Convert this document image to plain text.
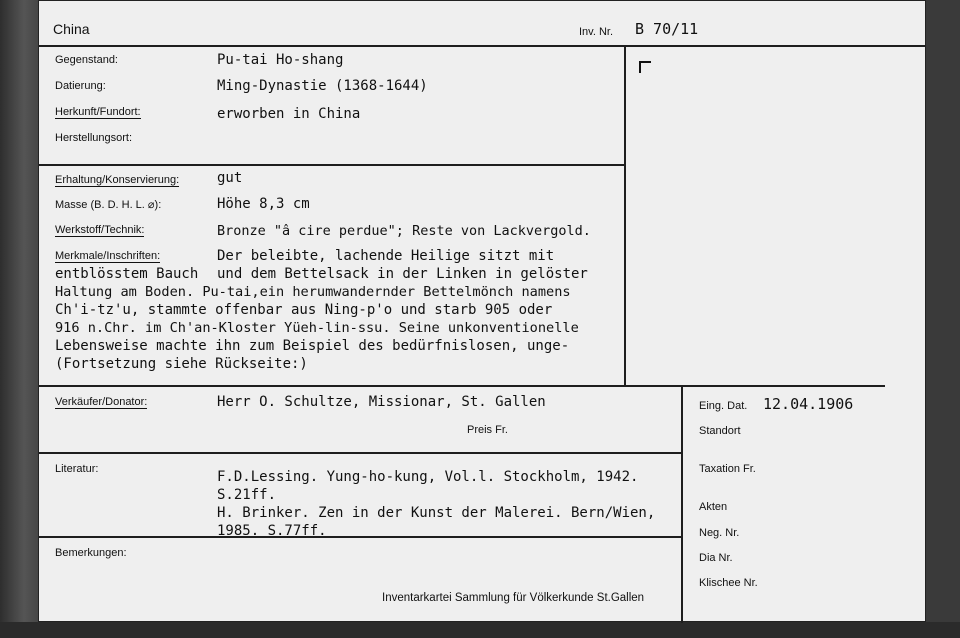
China	Inv. Nr. B 70/11
Gegenstand:	Pu-tai Ho-shang
Datierung:	Ming-Dynastie (1368-1644)
Herkunft/Fundort:	erworben in China
Herstellungsort:
Erhaltung/Konservierung:	gut
Masse (B. D. H. L. ⌀):	Höhe 8,3 cm
Werkstoff/Technik:	Bronze "â cire perdue"; Reste von Lackvergold.
Merkmale/Inschriften:	Der beleibte, lachende Heilige sitzt mit
entblösstem Bauch und dem Bettelsack in der Linken in gelöster
Haltung am Boden. Pu-tai,ein herumwandernder Bettelmönch namens
Ch'i-tz'u, stammte offenbar aus Ning-p'o und starb 905 oder
916 n.Chr. im Ch'an-Kloster Yüeh-lin-ssu. Seine unkonventionelle
Lebensweise machte ihn zum Beispiel des bedürfnislosen, unge-
(Fortsetzung siehe Rückseite:)
Verkäufer/Donator:	Herr O. Schultze, Missionar, St. Gallen
Preis Fr.
Literatur:	F.D.Lessing. Yung-ho-kung, Vol.l. Stockholm, 1942.
S.21ff.
H. Brinker. Zen in der Kunst der Malerei. Bern/Wien,
1985. S.77ff.
Bemerkungen:
Inventarkartei Sammlung für Völkerkunde St.Gallen
Eing. Dat. 12.04.1906
Standort
Taxation Fr.
Akten
Neg. Nr.
Dia Nr.
Klischee Nr.
